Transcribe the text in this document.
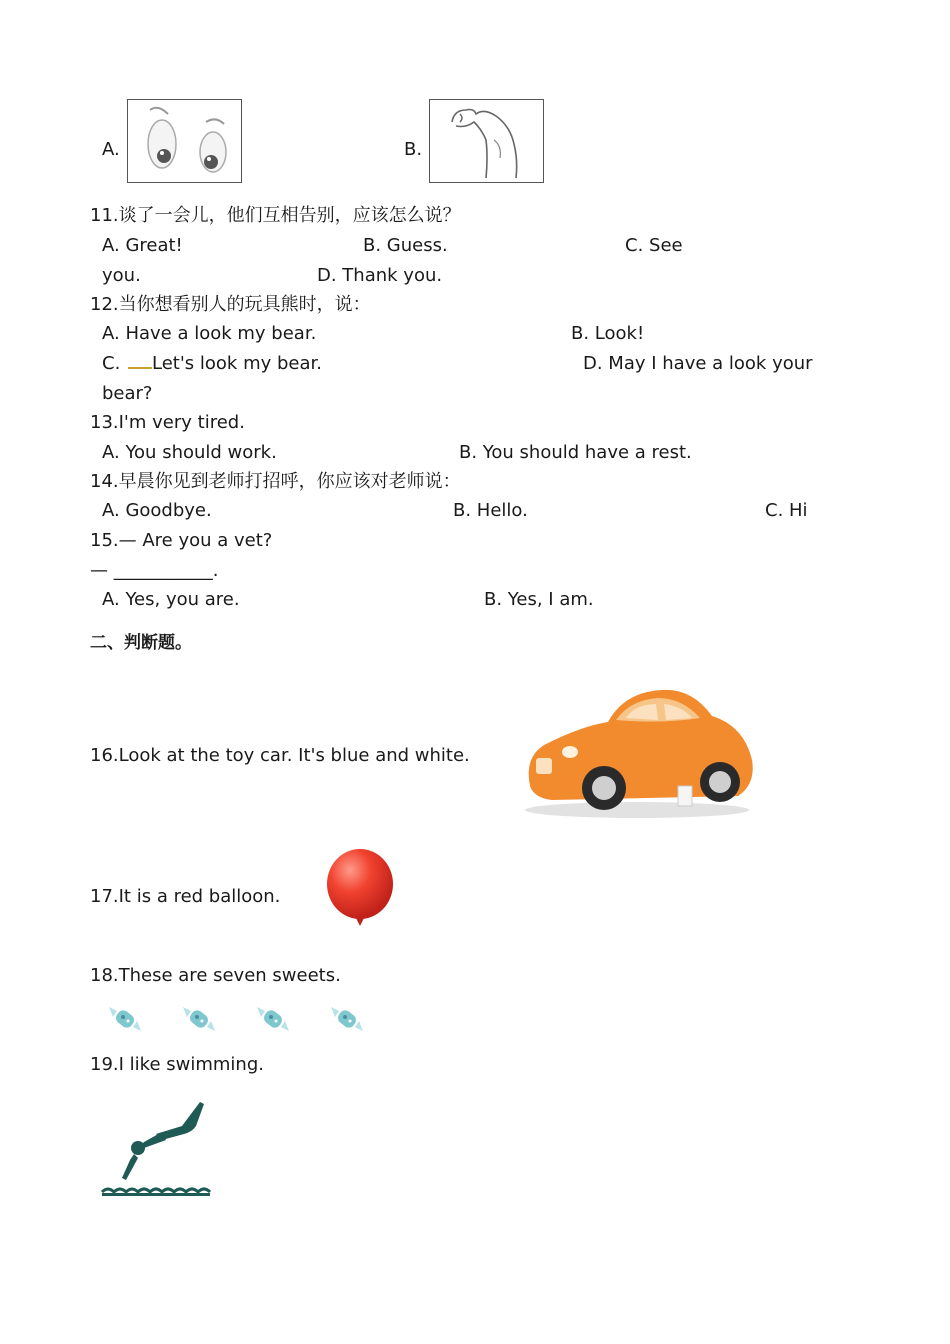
A.	B.
11.谈了一会儿，他们互相告别，应该怎么说？
A. Great!	B. Guess.	C. See
you.	D. Thank you.
12.当你想看别人的玩具熊时，说：
A. Have a look my bear.	B. Look!
C. Let's look my bear.	D. May I have a look your
bear?
13.I'm very tired.
A. You should work.	B. You should have a rest.
14.早晨你见到老师打招呼，你应该对老师说：
A. Goodbye.	B. Hello.	C. Hi
15.— Are you a vet?
— ___________.
A. Yes, you are.	B. Yes, I am.
二、判断题。
16.Look at the toy car. It's blue and white.
17.It is a red balloon.
18.These are seven sweets.
19.I like swimming.
